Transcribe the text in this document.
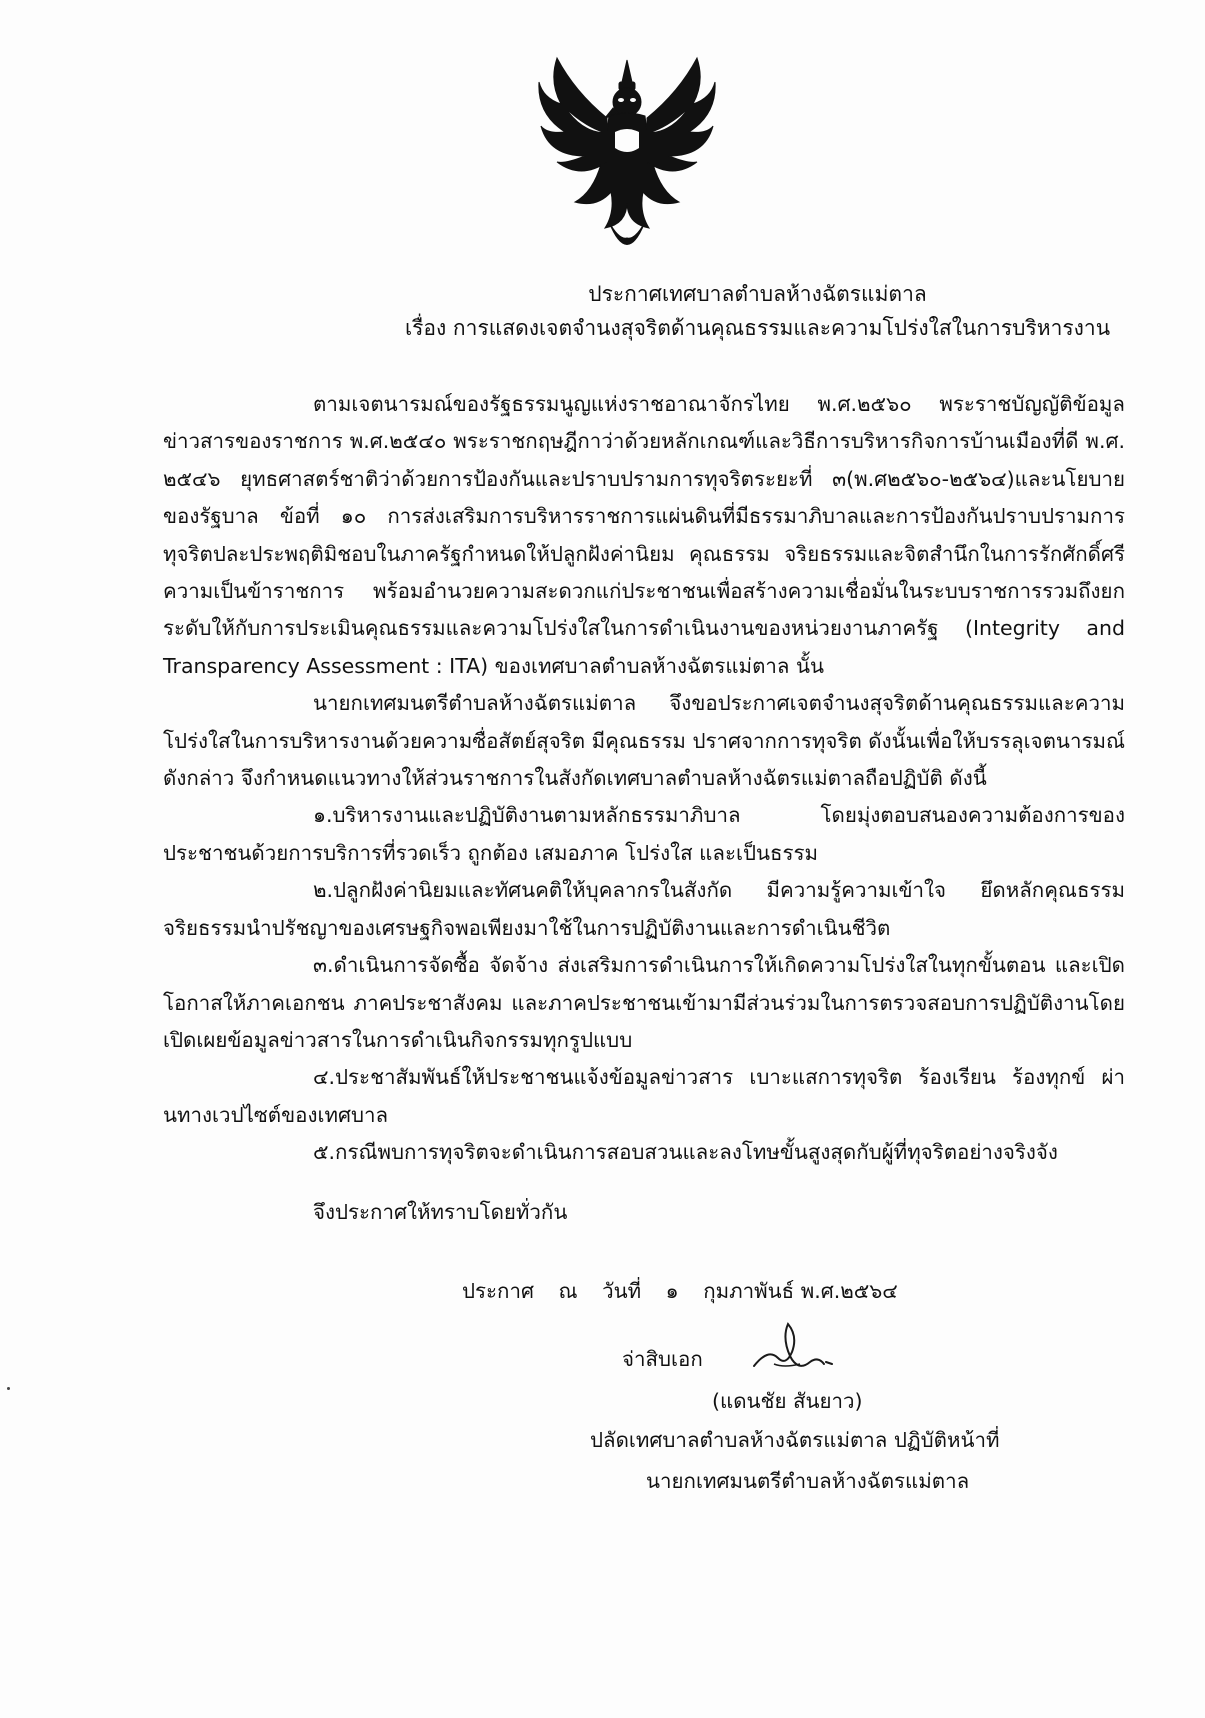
ประกาศเทศบาลตำบลห้างฉัตรแม่ตาล
เรื่อง การแสดงเจตจำนงสุจริตด้านคุณธรรมและความโปร่งใสในการบริหารงาน

ตามเจตนารมณ์ของรัฐธรรมนูญแห่งราชอาณาจักรไทย พ.ศ.๒๕๖๐ พระราชบัญญัติข้อมูลข่าวสารของราชการ พ.ศ.๒๕๔๐ พระราชกฤษฎีกาว่าด้วยหลักเกณฑ์และวิธีการบริหารกิจการบ้านเมืองที่ดี พ.ศ. ๒๕๔๖ ยุทธศาสตร์ชาติว่าด้วยการป้องกันและปราบปรามการทุจริตระยะที่ ๓(พ.ศ๒๕๖๐-๒๕๖๔)และนโยบายของรัฐบาล ข้อที่ ๑๐ การส่งเสริมการบริหารราชการแผ่นดินที่มีธรรมาภิบาลและการป้องกันปราบปรามการทุจริตปละประพฤติมิชอบในภาครัฐกำหนดให้ปลูกฝังค่านิยม คุณธรรม จริยธรรมและจิตสำนึกในการรักศักดิ์ศรีความเป็นข้าราชการ พร้อมอำนวยความสะดวกแก่ประชาชนเพื่อสร้างความเชื่อมั่นในระบบราชการรวมถึงยกระดับให้กับการประเมินคุณธรรมและความโปร่งใสในการดำเนินงานของหน่วยงานภาครัฐ (Integrity and Transparency Assessment : ITA) ของเทศบาลตำบลห้างฉัตรแม่ตาล นั้น

นายกเทศมนตรีตำบลห้างฉัตรแม่ตาล จึงขอประกาศเจตจำนงสุจริตด้านคุณธรรมและความโปร่งใสในการบริหารงานด้วยความซื่อสัตย์สุจริต มีคุณธรรม ปราศจากการทุจริต ดังนั้นเพื่อให้บรรลุเจตนารมณ์ดังกล่าว จึงกำหนดแนวทางให้ส่วนราชการในสังกัดเทศบาลตำบลห้างฉัตรแม่ตาลถือปฏิบัติ ดังนี้

๑.บริหารงานและปฏิบัติงานตามหลักธรรมาภิบาล โดยมุ่งตอบสนองความต้องการของประชาชนด้วยการบริการที่รวดเร็ว ถูกต้อง เสมอภาค โปร่งใส และเป็นธรรม

๒.ปลูกฝังค่านิยมและทัศนคติให้บุคลากรในสังกัด มีความรู้ความเข้าใจ ยึดหลักคุณธรรมจริยธรรมนำปรัชญาของเศรษฐกิจพอเพียงมาใช้ในการปฏิบัติงานและการดำเนินชีวิต

๓.ดำเนินการจัดซื้อ จัดจ้าง ส่งเสริมการดำเนินการให้เกิดความโปร่งใสในทุกขั้นตอน และเปิดโอกาสให้ภาคเอกชน ภาคประชาสังคม และภาคประชาชนเข้ามามีส่วนร่วมในการตรวจสอบการปฏิบัติงานโดยเปิดเผยข้อมูลข่าวสารในการดำเนินกิจกรรมทุกรูปแบบ

๔.ประชาสัมพันธ์ให้ประชาชนแจ้งข้อมูลข่าวสาร เบาะแสการทุจริต ร้องเรียน ร้องทุกข์ ผ่านทางเวปไซต์ของเทศบาล

๕.กรณีพบการทุจริตจะดำเนินการสอบสวนและลงโทษขั้นสูงสุดกับผู้ที่ทุจริตอย่างจริงจัง

จึงประกาศให้ทราบโดยทั่วกัน
ประกาศ ณ วันที่ ๑ กุมภาพันธ์ พ.ศ.๒๕๖๔
จ่าสิบเอก
(แดนชัย สันยาว)
ปลัดเทศบาลตำบลห้างฉัตรแม่ตาล ปฏิบัติหน้าที่
นายกเทศมนตรีตำบลห้างฉัตรแม่ตาล
